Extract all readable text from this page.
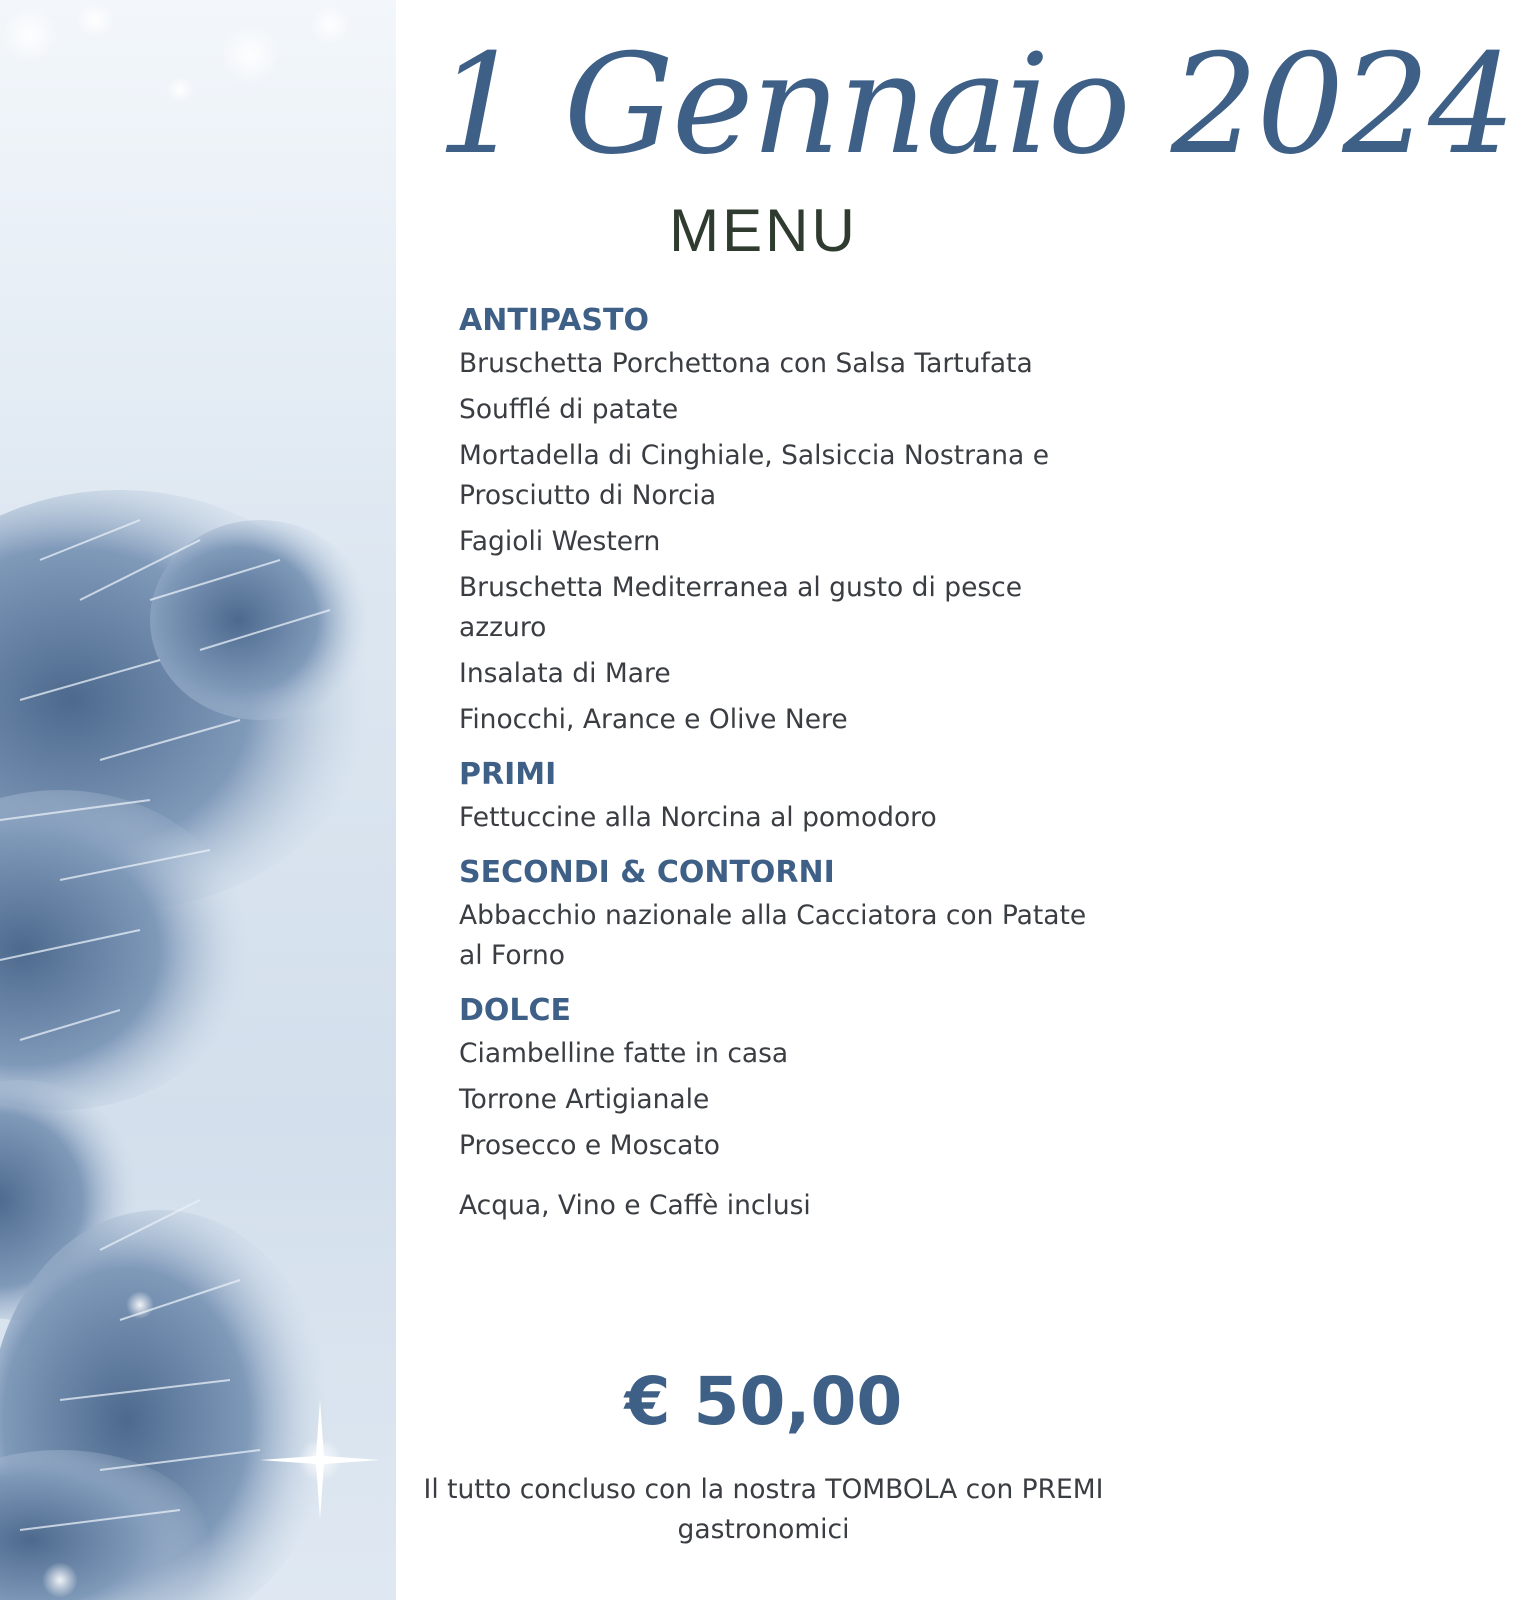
1 Gennaio 2024
MENU
ANTIPASTO

Bruschetta Porchettona con Salsa Tartufata

Soufflé di patate

Mortadella di Cinghiale, Salsiccia Nostrana e Prosciutto di Norcia

Fagioli Western

Bruschetta Mediterranea al gusto di pesce azzuro

Insalata di Mare

Finocchi, Arance e Olive Nere

PRIMI

Fettuccine alla Norcina al pomodoro

SECONDI & CONTORNI

Abbacchio nazionale alla Cacciatora con Patate al Forno

DOLCE

Ciambelline fatte in casa

Torrone Artigianale

Prosecco e Moscato

Acqua, Vino e Caffè inclusi

€ 50,00
Il tutto concluso con la nostra TOMBOLA con PREMI gastronomici
